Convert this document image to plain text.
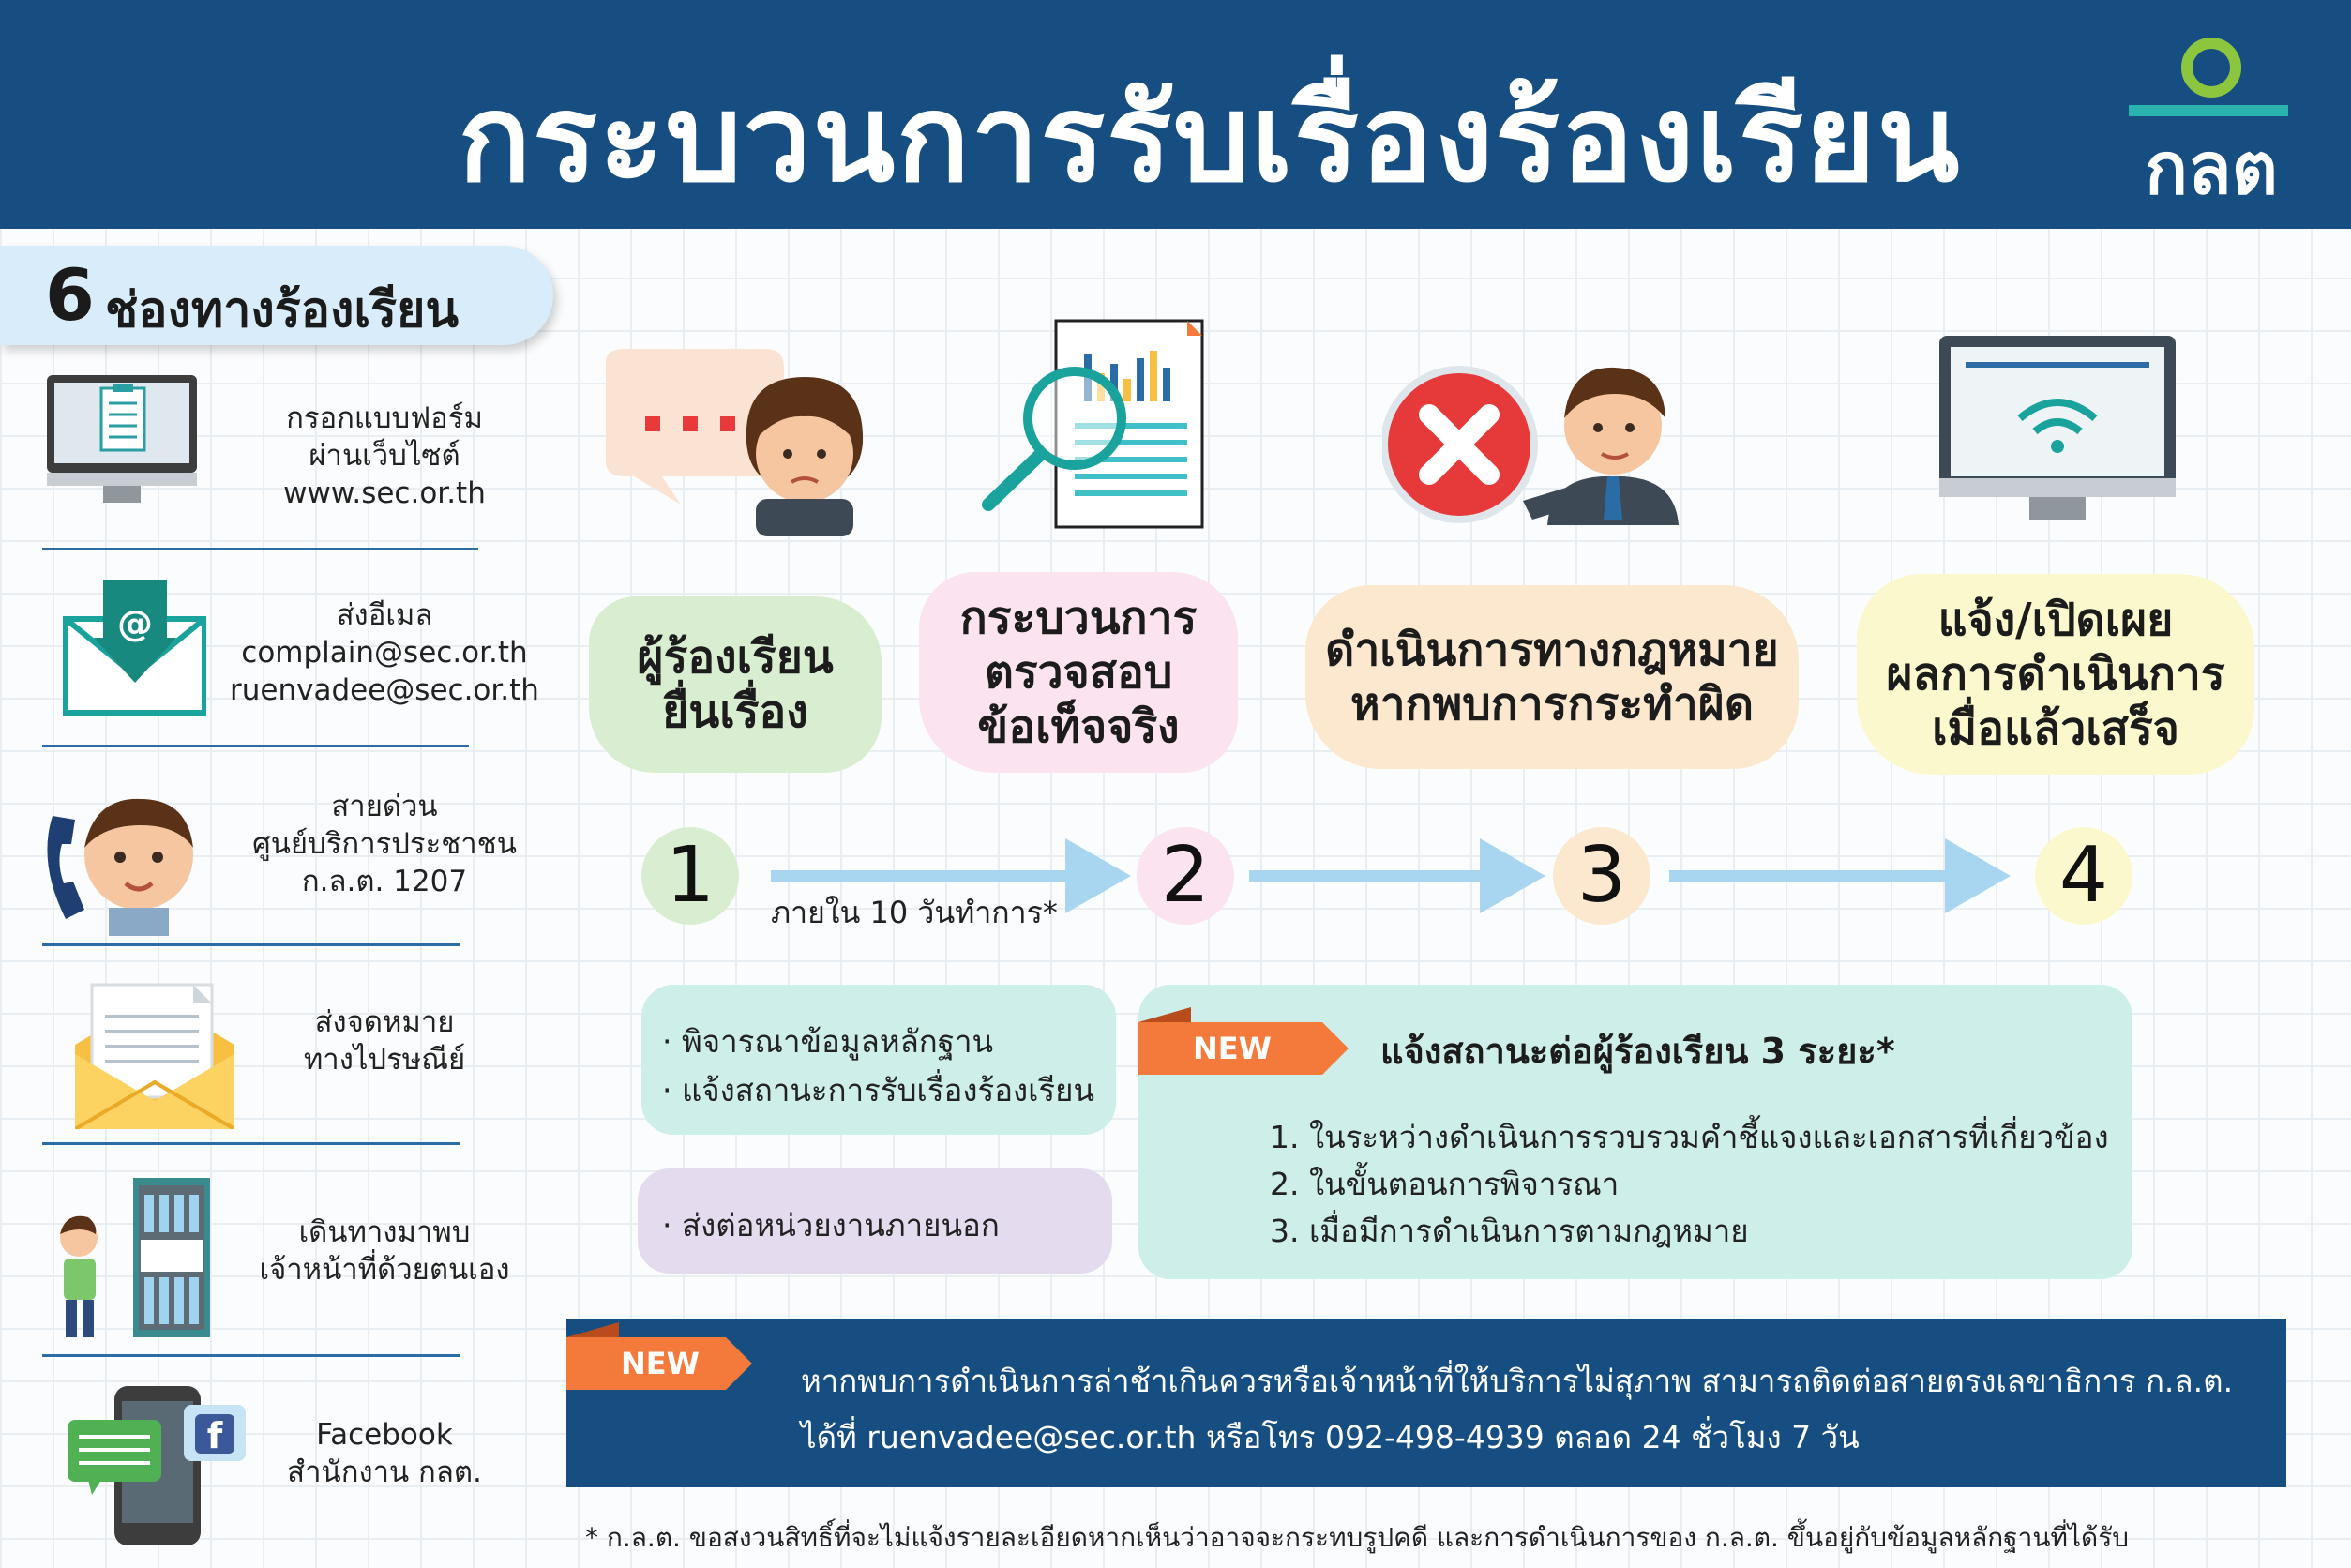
กระบวนการรับเรื่องร้องเรียน	กลต
6 ช่องทางร้องเรียน
กรอกแบบฟอร์ม
ผ่านเว็บไซต์
www.sec.or.th
@	ส่งอีเมล
complain@sec.or.th
ruenvadee@sec.or.th
สายด่วน
ศูนย์บริการประชาชน
ก.ล.ต. 1207
ส่งจดหมาย
ทางไปรษณีย์
เดินทางมาพบ
เจ้าหน้าที่ด้วยตนเอง
f	Facebook
สำนักงาน กลต.
ผู้ร้องเรียน
ยื่นเรื่อง
กระบวนการ
ตรวจสอบ
ข้อเท็จจริง
ดำเนินการทางกฎหมาย
หากพบการกระทำผิด
แจ้ง/เปิดเผย
ผลการดำเนินการ
เมื่อแล้วเสร็จ
1	2	3	4
ภายใน 10 วันทำการ*
· พิจารณาข้อมูลหลักฐาน
· แจ้งสถานะการรับเรื่องร้องเรียน
· ส่งต่อหน่วยงานภายนอก
NEW	แจ้งสถานะต่อผู้ร้องเรียน 3 ระยะ*
1. ในระหว่างดำเนินการรวบรวมคำชี้แจงและเอกสารที่เกี่ยวข้อง
2. ในขั้นตอนการพิจารณา
3. เมื่อมีการดำเนินการตามกฎหมาย
NEW	หากพบการดำเนินการล่าช้าเกินควรหรือเจ้าหน้าที่ให้บริการไม่สุภาพ สามารถติดต่อสายตรงเลขาธิการ ก.ล.ต.
ได้ที่ ruenvadee@sec.or.th หรือโทร 092-498-4939 ตลอด 24 ชั่วโมง 7 วัน
* ก.ล.ต. ขอสงวนสิทธิ์ที่จะไม่แจ้งรายละเอียดหากเห็นว่าอาจจะกระทบรูปคดี และการดำเนินการของ ก.ล.ต. ขึ้นอยู่กับข้อมูลหลักฐานที่ได้รับ
